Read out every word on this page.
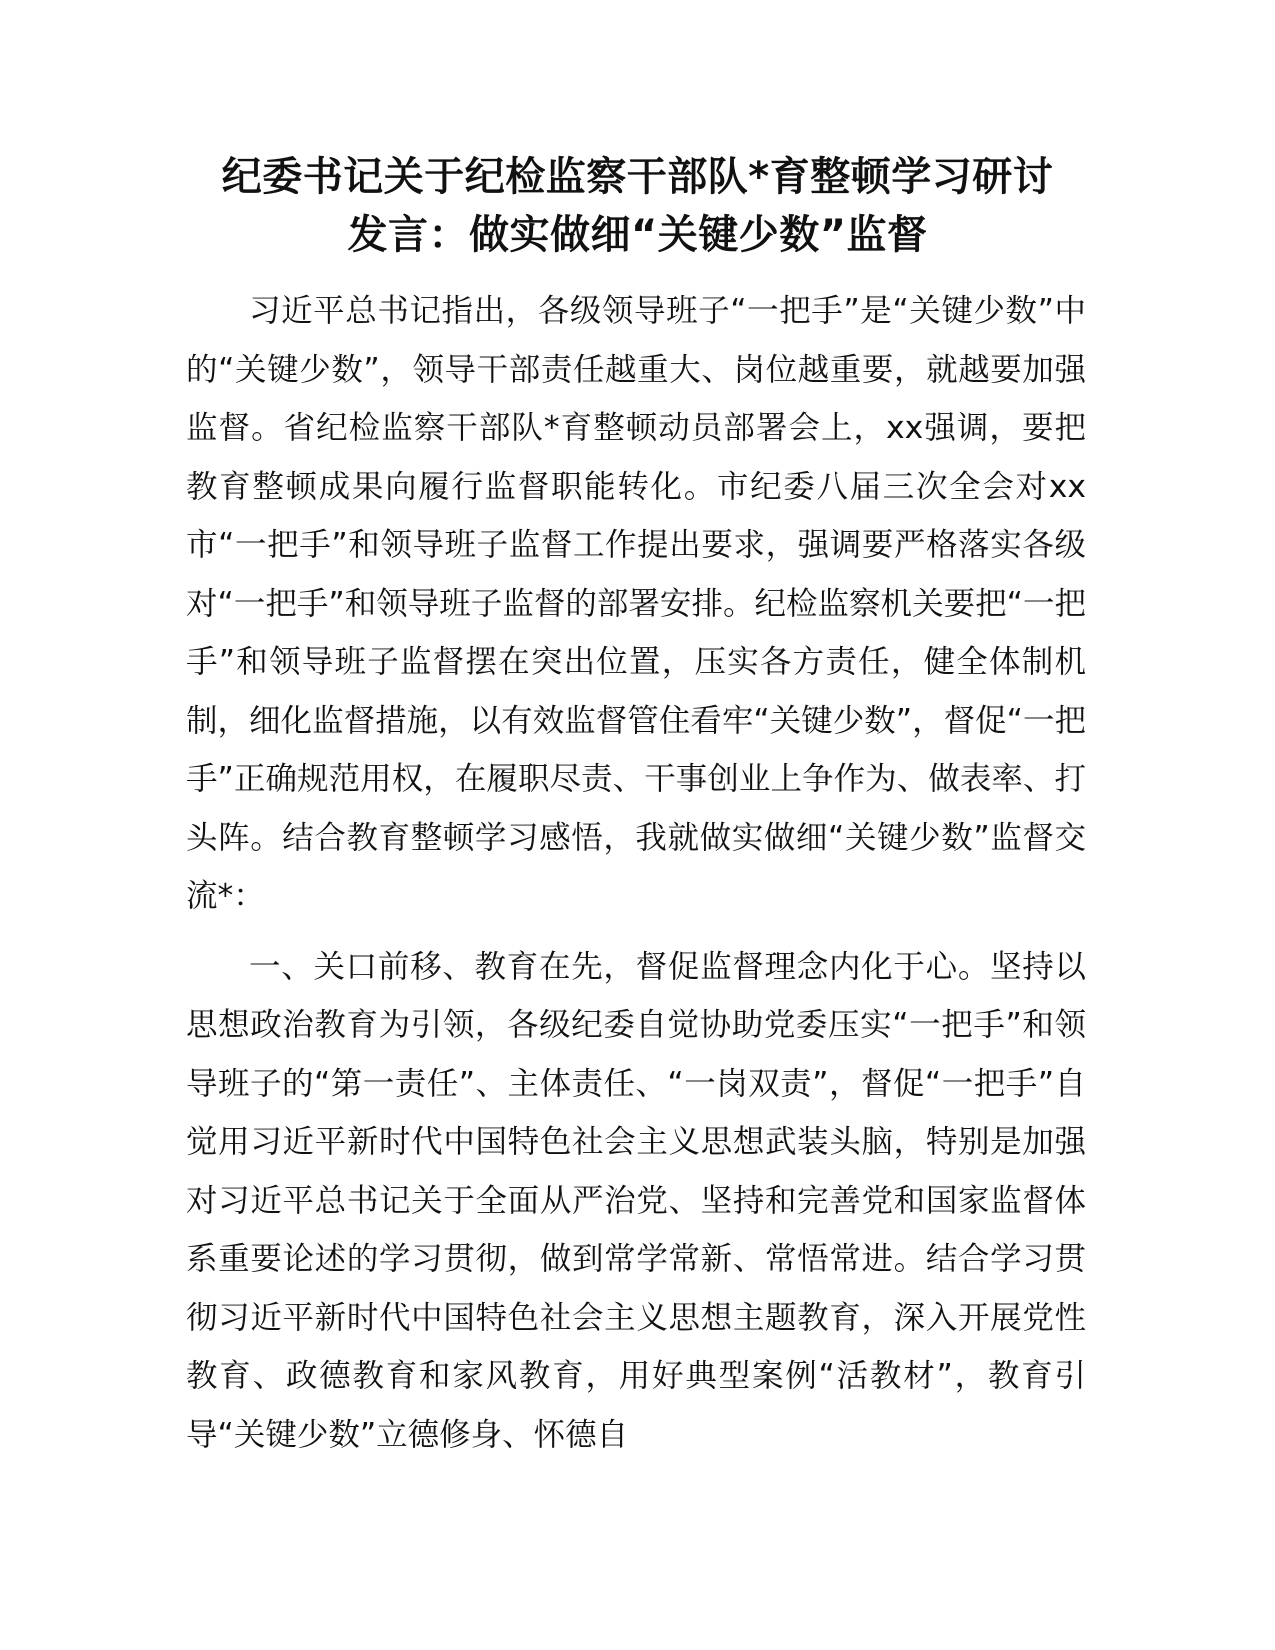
纪委书记关于纪检监察干部队*育整顿学习研讨
发言：做实做细“关键少数”监督

习近平总书记指出，各级领导班子“一把手”是“关键少数”中的“关键少数”，领导干部责任越重大、岗位越重要，就越要加强监督。省纪检监察干部队*育整顿动员部署会上，xx强调，要把教育整顿成果向履行监督职能转化。市纪委八届三次全会对xx市“一把手”和领导班子监督工作提出要求，强调要严格落实各级对“一把手”和领导班子监督的部署安排。纪检监察机关要把“一把手”和领导班子监督摆在突出位置，压实各方责任，健全体制机制，细化监督措施，以有效监督管住看牢“关键少数”，督促“一把手”正确规范用权，在履职尽责、干事创业上争作为、做表率、打头阵。结合教育整顿学习感悟，我就做实做细“关键少数”监督交流*：

一、关口前移、教育在先，督促监督理念内化于心。坚持以思想政治教育为引领，各级纪委自觉协助党委压实“一把手”和领导班子的“第一责任”、主体责任、“一岗双责”，督促“一把手”自觉用习近平新时代中国特色社会主义思想武装头脑，特别是加强对习近平总书记关于全面从严治党、坚持和完善党和国家监督体系重要论述的学习贯彻，做到常学常新、常悟常进。结合学习贯彻习近平新时代中国特色社会主义思想主题教育，深入开展党性教育、政德教育和家风教育，用好典型案例“活教材”，教育引导“关键少数”立德修身、怀德自
